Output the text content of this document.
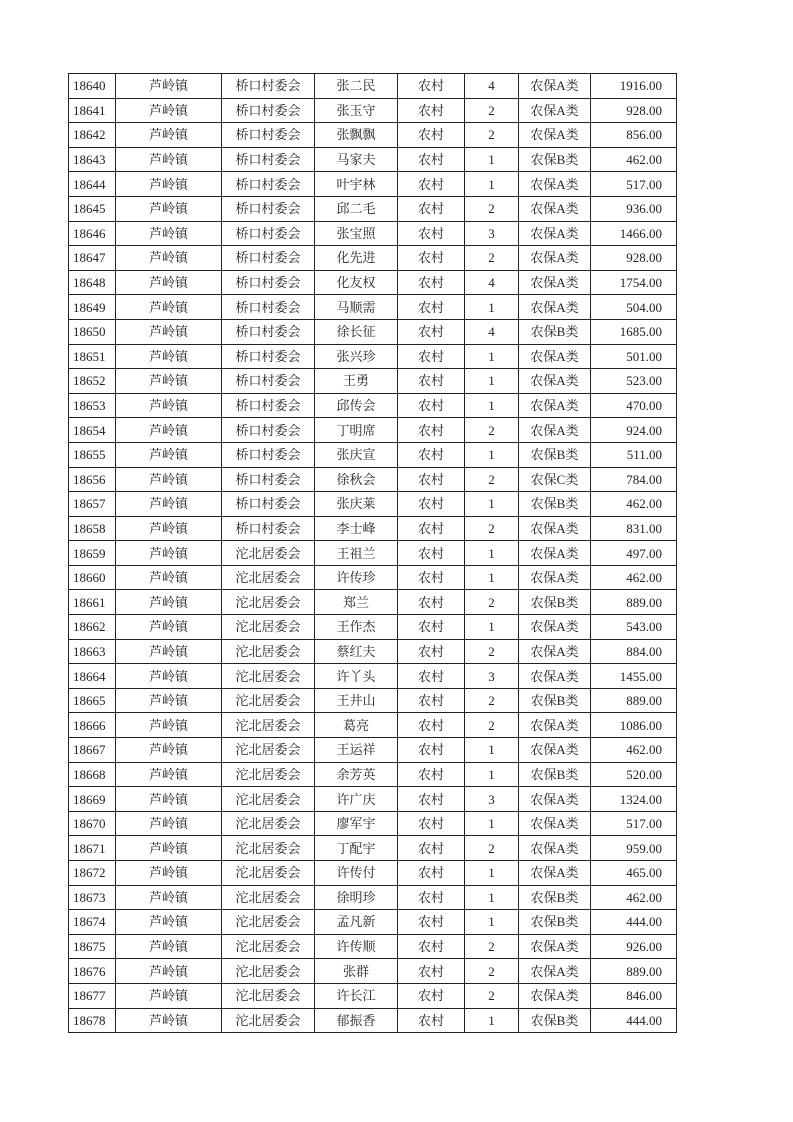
18640	芦岭镇	桥口村委会	张二民	农村	4	农保A类	1916.00
18641	芦岭镇	桥口村委会	张玉守	农村	2	农保A类	928.00
18642	芦岭镇	桥口村委会	张飘飘	农村	2	农保A类	856.00
18643	芦岭镇	桥口村委会	马家夫	农村	1	农保B类	462.00
18644	芦岭镇	桥口村委会	叶宇林	农村	1	农保A类	517.00
18645	芦岭镇	桥口村委会	邱二毛	农村	2	农保A类	936.00
18646	芦岭镇	桥口村委会	张宝照	农村	3	农保A类	1466.00
18647	芦岭镇	桥口村委会	化先进	农村	2	农保A类	928.00
18648	芦岭镇	桥口村委会	化友权	农村	4	农保A类	1754.00
18649	芦岭镇	桥口村委会	马顺需	农村	1	农保A类	504.00
18650	芦岭镇	桥口村委会	徐长征	农村	4	农保B类	1685.00
18651	芦岭镇	桥口村委会	张兴珍	农村	1	农保A类	501.00
18652	芦岭镇	桥口村委会	王勇	农村	1	农保A类	523.00
18653	芦岭镇	桥口村委会	邱传会	农村	1	农保A类	470.00
18654	芦岭镇	桥口村委会	丁明席	农村	2	农保A类	924.00
18655	芦岭镇	桥口村委会	张庆宣	农村	1	农保B类	511.00
18656	芦岭镇	桥口村委会	徐秋会	农村	2	农保C类	784.00
18657	芦岭镇	桥口村委会	张庆莱	农村	1	农保B类	462.00
18658	芦岭镇	桥口村委会	李士峰	农村	2	农保A类	831.00
18659	芦岭镇	沱北居委会	王祖兰	农村	1	农保A类	497.00
18660	芦岭镇	沱北居委会	许传珍	农村	1	农保A类	462.00
18661	芦岭镇	沱北居委会	郑兰	农村	2	农保B类	889.00
18662	芦岭镇	沱北居委会	王作杰	农村	1	农保A类	543.00
18663	芦岭镇	沱北居委会	蔡红夫	农村	2	农保A类	884.00
18664	芦岭镇	沱北居委会	许丫头	农村	3	农保A类	1455.00
18665	芦岭镇	沱北居委会	王井山	农村	2	农保B类	889.00
18666	芦岭镇	沱北居委会	葛亮	农村	2	农保A类	1086.00
18667	芦岭镇	沱北居委会	王运祥	农村	1	农保A类	462.00
18668	芦岭镇	沱北居委会	余芳英	农村	1	农保B类	520.00
18669	芦岭镇	沱北居委会	许广庆	农村	3	农保A类	1324.00
18670	芦岭镇	沱北居委会	廖军宇	农村	1	农保A类	517.00
18671	芦岭镇	沱北居委会	丁配宇	农村	2	农保A类	959.00
18672	芦岭镇	沱北居委会	许传付	农村	1	农保A类	465.00
18673	芦岭镇	沱北居委会	徐明珍	农村	1	农保B类	462.00
18674	芦岭镇	沱北居委会	孟凡新	农村	1	农保B类	444.00
18675	芦岭镇	沱北居委会	许传顺	农村	2	农保A类	926.00
18676	芦岭镇	沱北居委会	张群	农村	2	农保A类	889.00
18677	芦岭镇	沱北居委会	许长江	农村	2	农保A类	846.00
18678	芦岭镇	沱北居委会	郁振香	农村	1	农保B类	444.00
